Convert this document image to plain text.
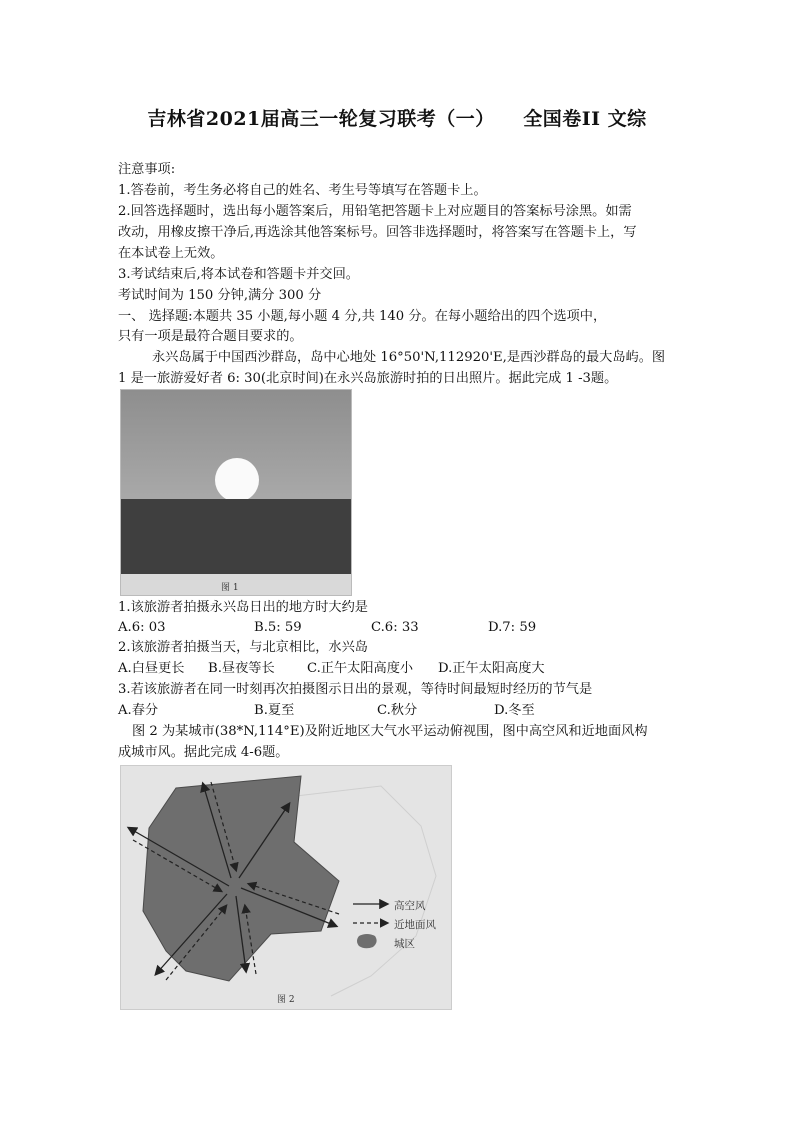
吉林省2021届高三一轮复习联考（一）    全国卷II 文综
注意事项:
1.答卷前，考生务必将自己的姓名、考生号等填写在答题卡上。
2.回答选择题时，选出每小题答案后，用铅笔把答题卡上对应题目的答案标号涂黑。如需
改动，用橡皮擦干净后,再选涂其他答案标号。回答非选择题时，将答案写在答题卡上，写
在本试卷上无效。
3.考试结束后,将本试卷和答题卡并交回。
考试时间为 150 分钟,满分 300 分
一、 选择题:本题共 35 小题,每小题 4 分,共 140 分。在每小题给出的四个选项中，
只有一项是最符合题目要求的。
永兴岛属于中国西沙群岛，岛中心地处 16°50'N,112920'E,是西沙群岛的最大岛屿。图
1 是一旅游爱好者 6: 30(北京时间)在永兴岛旅游时拍的日出照片。据此完成 1 -3题。
图 1
1.该旅游者拍摄永兴岛日出的地方时大约是
A.6: 03	B.5: 59	C.6: 33	D.7: 59
2.该旅游者拍摄当天，与北京相比，水兴岛
A.白昼更长 B.昼夜等长 C.正午太阳高度小 D.正午太阳高度大
3.若该旅游者在同一时刻再次拍摄图示日出的景观，等待时间最短时经历的节气是
A.春分	B.夏至	C.秋分	D.冬至
图 2 为某城市(38*N,114°E)及附近地区大气水平运动俯视围，图中高空风和近地面风构
成城市风。据此完成 4-6题。
高空风
近地面风
城区
图 2
